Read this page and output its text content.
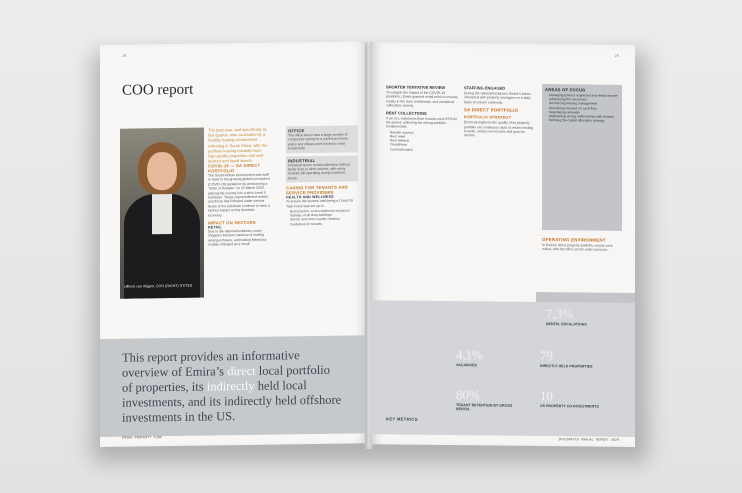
28
COO report
Ulfinne van Wijgen, COO (RIGHT) STITES
The past year, and specifically its last quarter, was concluded by a healthy trading environment reflecting in South Africa, with the portfolio leaning towards more high-quality properties and well-located and liquid assets.
COVID-19 — SA DIRECT PORTFOLIO
The South African Government was swift to react to the growing global coronavirus (COVID-19) pandemic by announcing a “State of Disaster” on 15 March 2020, placing the country into a strict Level 5 lockdown. These unprecedented events and those that followed under various levels of the lockdown continue to have a serious impact on the domestic economy.
IMPACT ON SECTORS
RETAIL
Due to the national lockdown, many shoppers became cautious of making retail purchases, and trading behaviour notably changed as a result.
OFFICE
The office sector saw a large number of companies opting for a work-from-home policy and offices were forced to close temporarily.
INDUSTRIAL
Industrial sector rental collections held up better than in other sectors, with many tenants still operating during lockdown levels.
CARING FOR TENANTS AND SERVICE PROVIDERS
HEALTH AND WELLNESS
To ensure the tenants’ well-being a Covid-19 Task Force was set up to:
Best practice on precautionary measures
Signage of all shop buildings
Stricter and more regular cleaning
Guidelines for tenants
This report provides an informative overview of Emira’s direct local portfolio of properties, its indirectly held local investments, and its indirectly held offshore investments in the US.
EMIRA PROPERTY FUND
29
SHORTER TENTATIVE REVIEW
To mitigate the impact of the COVID-19 pandemic, Emira granted rental relief to tenants, mostly in the form of deferrals, and monitored collections closely.
RENT COLLECTIONS
If we net, collections from tenants were 87% for the period, reflecting the strong portfolio fundamentals.
Retailer surveys
Rent relief
Rent deferral
Cleanliness
Communication
STAFFING ENGAGED
During the national lockdown, Emira’s teams interacted with property managers on a daily basis to ensure continuity.
SA DIRECT PORTFOLIO
PORTFOLIO STRATEGY
Emira strengthens the quality of its property portfolio via continuous tactic to retain existing tenants, attract new tenants and grow its income.
AREAS OF FOCUS
Managing Emira’s expenses and rental income
Addressing the vacancies
Reinforcing leasing management
Remaining focused on cash flow
Negotiating renewals
Maintaining strong relationships with tenants
Refining the capital allocation strategy
OPERATING ENVIRONMENT
In Emira’s direct property portfolio, results were mixed, with the office sector under pressure.
7,3%
RENTAL ESCALATIONS
4,1%
VACANCIES
79
DIRECTLY HELD PROPERTIES
80%
TENANT RETENTION BY GROSS RENTAL
10
US PROPERTY CO-INVESTMENTS
KEY METRICS
INTEGRATED ANNUAL REPORT 2020
